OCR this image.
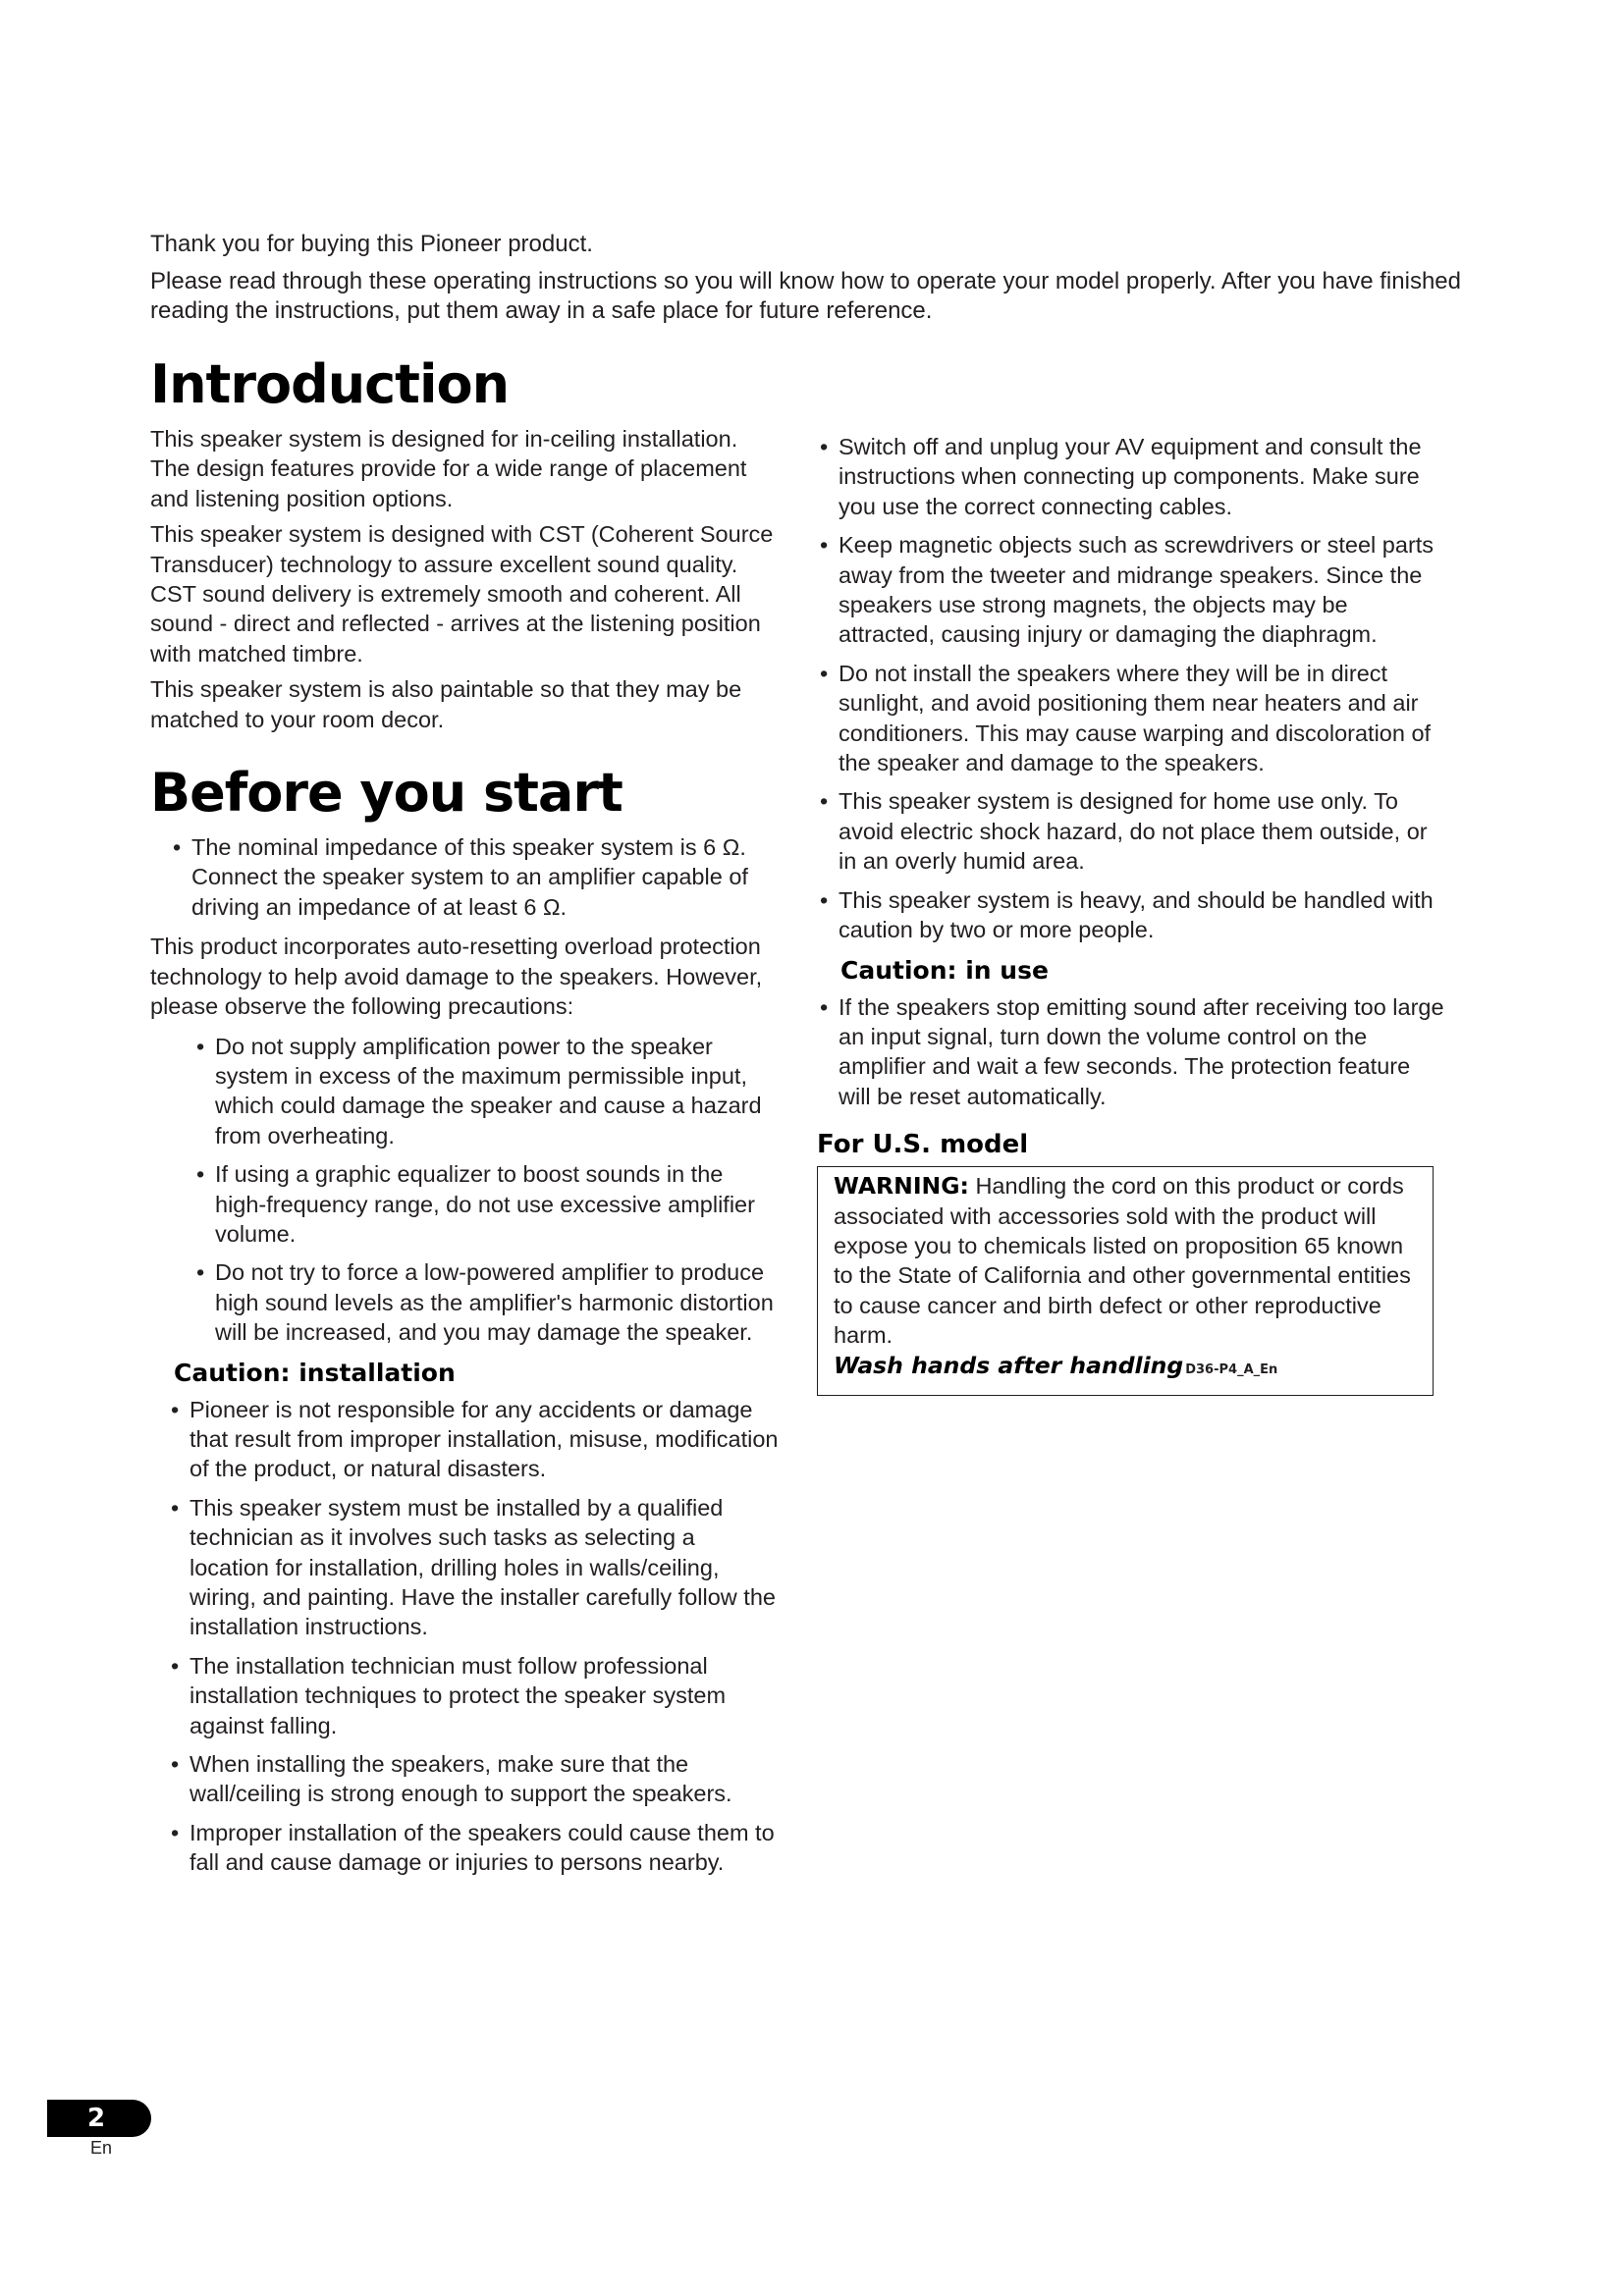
Thank you for buying this Pioneer product.

Please read through these operating instructions so you will know how to operate your model properly. After you have finished reading the instructions, put them away in a safe place for future reference.

Introduction

This speaker system is designed for in-ceiling installation. The design features provide for a wide range of placement and listening position options.

This speaker system is designed with CST (Coherent Source Transducer) technology to assure excellent sound quality. CST sound delivery is extremely smooth and coherent. All sound - direct and reflected - arrives at the listening position with matched timbre.

This speaker system is also paintable so that they may be matched to your room decor.

Before you start
• The nominal impedance of this speaker system is 6 Ω. Connect the speaker system to an amplifier capable of driving an impedance of at least 6 Ω.

This product incorporates auto-resetting overload protection technology to help avoid damage to the speakers. However, please observe the following precautions:

• Do not supply amplification power to the speaker system in excess of the maximum permissible input, which could damage the speaker and cause a hazard from overheating.
• If using a graphic equalizer to boost sounds in the high-frequency range, do not use excessive amplifier volume.
• Do not try to force a low-powered amplifier to produce high sound levels as the amplifier's harmonic distortion will be increased, and you may damage the speaker.
Caution: installation
• Pioneer is not responsible for any accidents or damage that result from improper installation, misuse, modification of the product, or natural disasters.
• This speaker system must be installed by a qualified technician as it involves such tasks as selecting a location for installation, drilling holes in walls/ceiling, wiring, and painting. Have the installer carefully follow the installation instructions.
• The installation technician must follow professional installation techniques to protect the speaker system against falling.
• When installing the speakers, make sure that the wall/ceiling is strong enough to support the speakers.
• Improper installation of the speakers could cause them to fall and cause damage or injuries to persons nearby.
• Switch off and unplug your AV equipment and consult the instructions when connecting up components. Make sure you use the correct connecting cables.
• Keep magnetic objects such as screwdrivers or steel parts away from the tweeter and midrange speakers. Since the speakers use strong magnets, the objects may be attracted, causing injury or damaging the diaphragm.
• Do not install the speakers where they will be in direct sunlight, and avoid positioning them near heaters and air conditioners. This may cause warping and discoloration of the speaker and damage to the speakers.
• This speaker system is designed for home use only. To avoid electric shock hazard, do not place them outside, or in an overly humid area.
• This speaker system is heavy, and should be handled with caution by two or more people.
Caution: in use
• If the speakers stop emitting sound after receiving too large an input signal, turn down the volume control on the amplifier and wait a few seconds. The protection feature will be reset automatically.
For U.S. model
WARNING: Handling the cord on this product or cords associated with accessories sold with the product will expose you to chemicals listed on proposition 65 known to the State of California and other governmental entities to cause cancer and birth defect or other reproductive harm.
Wash hands after handling D36-P4_A_En
2
En
